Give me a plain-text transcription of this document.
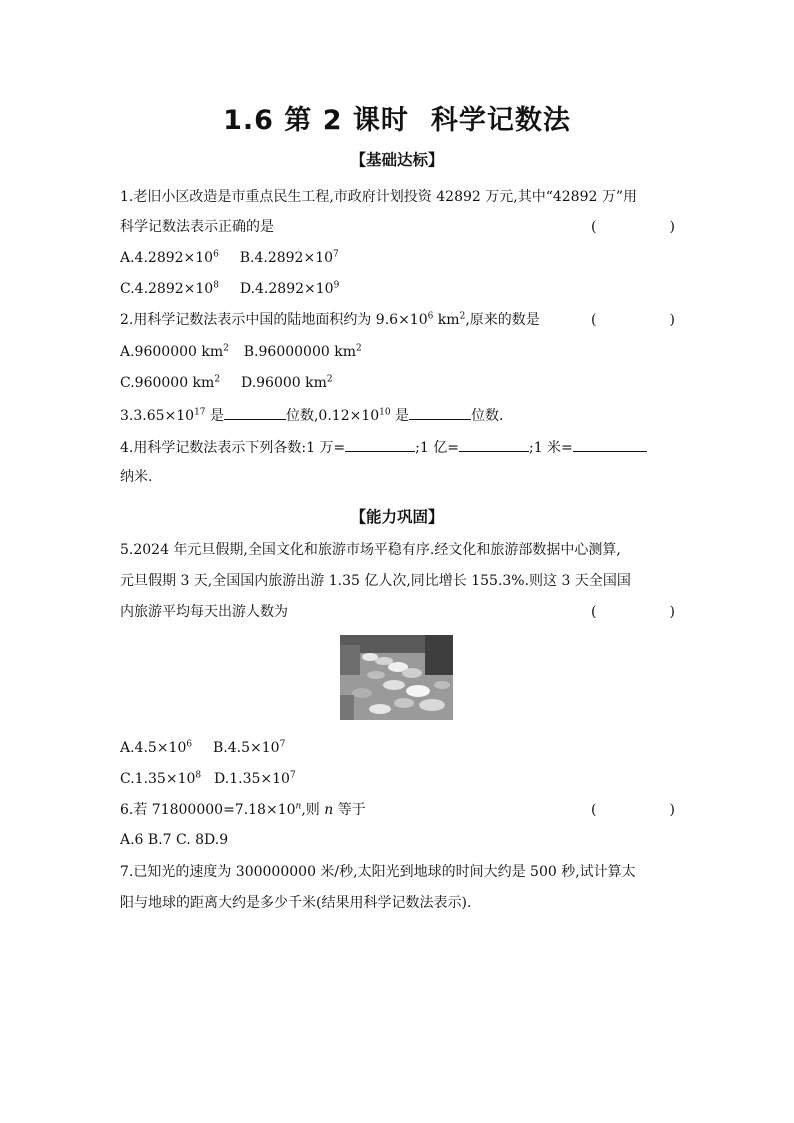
1.6 第 2 课时 科学记数法
【基础达标】
1.老旧小区改造是市重点民生工程,市政府计划投资 42892 万元,其中“42892 万”用
科学记数法表示正确的是	(	)
$A.4.2892\times 10^6$ $B.4.2892\times 10^7$
$C.4.2892\times 10^8$ $D.4.2892\times 10^9$
2.用科学记数法表示中国的陆地面积约为 $9.6\times 10^6$ $km^2$,原来的数是	(	)
A.9600000 $km^2$ B.96000000 $km^2$
C.960000 $km^2$ D.96000 $km^2$
$3.3.65\times 10^{17}$ 是	位数$,0.12\times 10^{10}$ 是	位数.
4.用科学记数法表示下列各数:1 万=	;1 亿=	;1 米=
纳米.
【能力巩固】
5.2024 年元旦假期,全国文化和旅游市场平稳有序.经文化和旅游部数据中心测算,
元旦假期 3 天,全国国内旅游出游 1.35 亿人次,同比增长 155.3%.则这 3 天全国国
内旅游平均每天出游人数为	(	)
$A.4.5\times 10^6$ $B.4.5\times 10^7$
$C.1.35\times 10^8$ $D.1.35\times 10^7$
6.若 $71800000=7.18\times 10^n$,则 n 等于	(	)
A.6 B.7 C. 8D.9
7.已知光的速度为 300000000 米/秒,太阳光到地球的时间大约是 500 秒,试计算太
阳与地球的距离大约是多少千米(结果用科学记数法表示).
